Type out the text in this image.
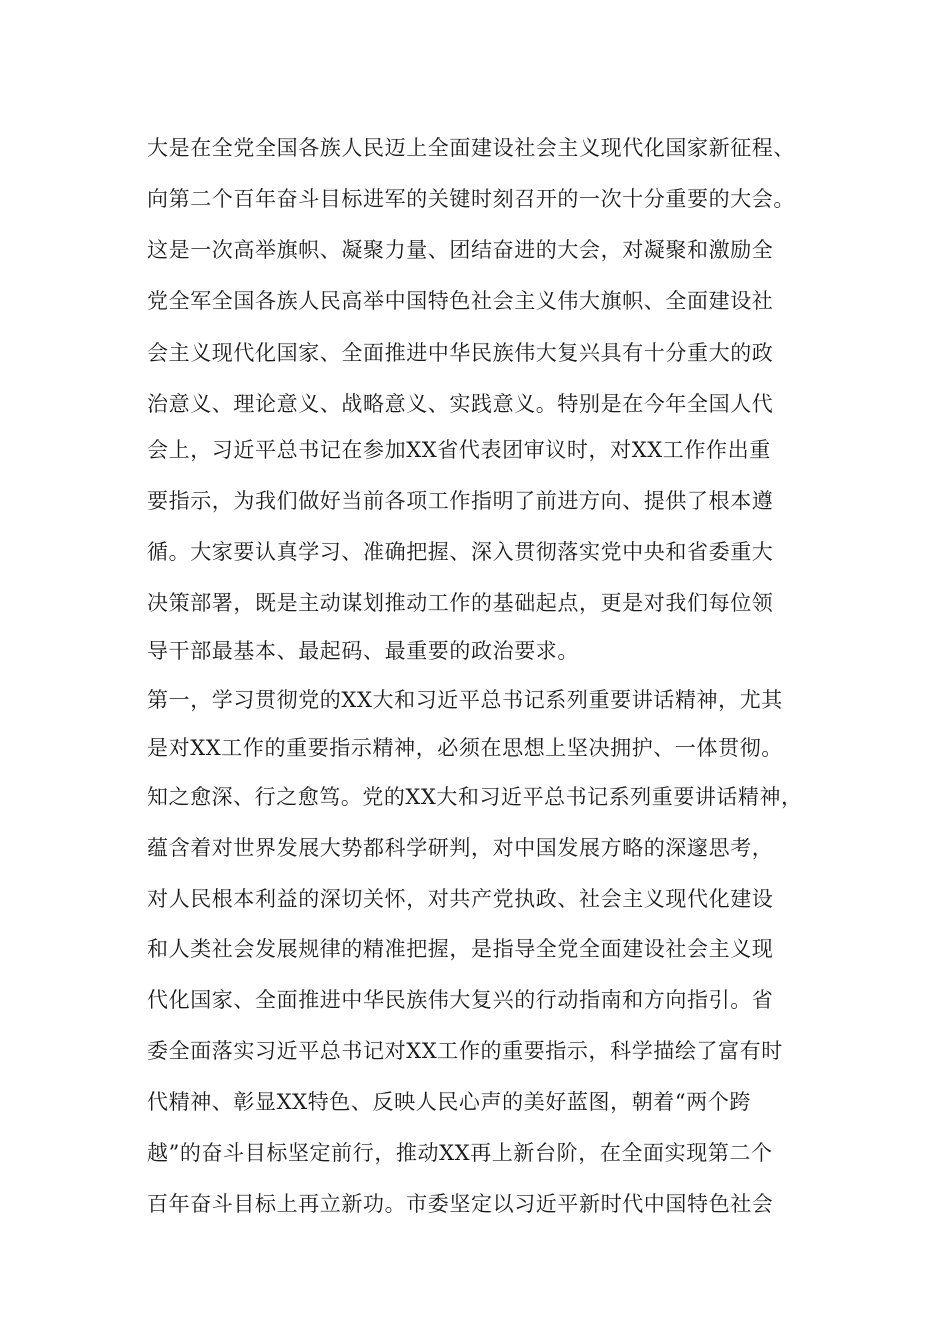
大是在全党全国各族人民迈上全面建设社会主义现代化国家新征程、

向第二个百年奋斗目标进军的关键时刻召开的一次十分重要的大会。

这是一次高举旗帜、凝聚力量、团结奋进的大会，对凝聚和激励全

党全军全国各族人民高举中国特色社会主义伟大旗帜、全面建设社

会主义现代化国家、全面推进中华民族伟大复兴具有十分重大的政

治意义、理论意义、战略意义、实践意义。特别是在今年全国人代

会上，习近平总书记在参加XX省代表团审议时，对XX工作作出重

要指示，为我们做好当前各项工作指明了前进方向、提供了根本遵

循。大家要认真学习、准确把握、深入贯彻落实党中央和省委重大

决策部署，既是主动谋划推动工作的基础起点，更是对我们每位领

导干部最基本、最起码、最重要的政治要求。

第一，学习贯彻党的XX大和习近平总书记系列重要讲话精神，尤其

是对XX工作的重要指示精神，必须在思想上坚决拥护、一体贯彻。

知之愈深、行之愈笃。党的XX大和习近平总书记系列重要讲话精神，

蕴含着对世界发展大势都科学研判，对中国发展方略的深邃思考，

对人民根本利益的深切关怀，对共产党执政、社会主义现代化建设

和人类社会发展规律的精准把握，是指导全党全面建设社会主义现

代化国家、全面推进中华民族伟大复兴的行动指南和方向指引。省

委全面落实习近平总书记对XX工作的重要指示，科学描绘了富有时

代精神、彰显XX特色、反映人民心声的美好蓝图，朝着“两个跨

越”的奋斗目标坚定前行，推动XX再上新台阶，在全面实现第二个

百年奋斗目标上再立新功。市委坚定以习近平新时代中国特色社会
